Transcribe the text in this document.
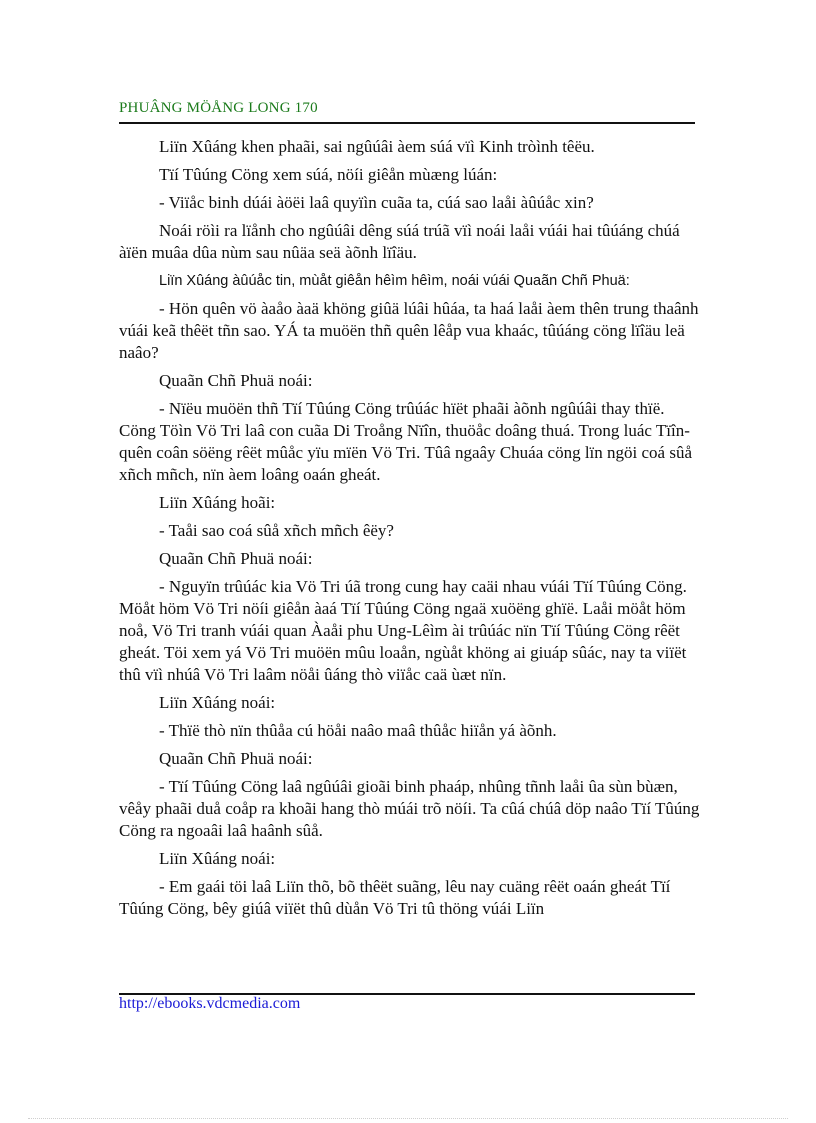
PHUÂNG MÖÅNG LONG 170

Liïn Xûáng khen phaãi, sai ngûúâi àem súá vïì Kinh tròình têëu.

Tïí Tûúng Cöng xem súá, nöíi giêån mùæng lúán:

- Viïåc binh dúái àöëi laâ quyïìn cuãa ta, cúá sao laåi àûúåc xin?

Noái röìi ra lïånh cho ngûúâi dêng súá trúã vïì noái laåi vúái hai tûúáng chúá àïën muâa dûa nùm sau nûäa seä àõnh lïîäu.

Liïn Xûáng àûúåc tin, mùåt giêån hêìm hêìm, noái vúái Quaãn Chñ Phuä:

- Hön quên vö àaåo àaä khöng giûä lúâi hûáa, ta haá laåi àem thên trung thaânh vúái keã thêët tñn sao. YÁ ta muöën thñ quên lêåp vua khaác, tûúáng cöng lïîäu leä naâo?

Quaãn Chñ Phuä noái:

- Nïëu muöën thñ Tïí Tûúng Cöng trûúác hïët phaãi àõnh ngûúâi thay thïë. Cöng Töìn Vö Tri laâ con cuãa Di Troång Nïîn, thuöåc doâng thuá. Trong luác Tïîn-quên coân söëng rêët mûåc yïu mïën Vö Tri. Tûâ ngaây Chuáa cöng lïn ngöi coá sûå xñch mñch, nïn àem loâng oaán gheát.

Liïn Xûáng hoãi:

- Taåi sao coá sûå xñch mñch êëy?

Quaãn Chñ Phuä noái:

- Nguyïn trûúác kia Vö Tri úã trong cung hay caäi nhau vúái Tïí Tûúng Cöng. Möåt höm Vö Tri nöíi giêån àaá Tïí Tûúng Cöng ngaä xuöëng ghïë. Laåi möåt höm noå, Vö Tri tranh vúái quan Àaåi phu Ung-Lêìm ài trûúác nïn Tïí Tûúng Cöng rêët gheát. Töi xem yá Vö Tri muöën mûu loaån, ngùåt khöng ai giuáp sûác, nay ta viïët thû vïì nhúâ Vö Tri laâm nöåi ûáng thò viïåc caä ùæt nïn.

Liïn Xûáng noái:

- Thïë thò nïn thûåa cú höåi naâo maâ thûåc hiïån yá àõnh.

Quaãn Chñ Phuä noái:

- Tïí Tûúng Cöng laâ ngûúâi gioãi binh phaáp, nhûng tñnh laåi ûa sùn bùæn, vêåy phaãi duå coåp ra khoãi hang thò múái trõ nöíi. Ta cûá chúâ döp naâo Tïí Tûúng Cöng ra ngoaâi laâ haânh sûå.

Liïn Xûáng noái:

- Em gaái töi laâ Liïn thõ, bõ thêët suãng, lêu nay cuäng rêët oaán gheát Tïí Tûúng Cöng, bêy giúâ viïët thû dùån Vö Tri tû thöng vúái Liïn

http://ebooks.vdcmedia.com
